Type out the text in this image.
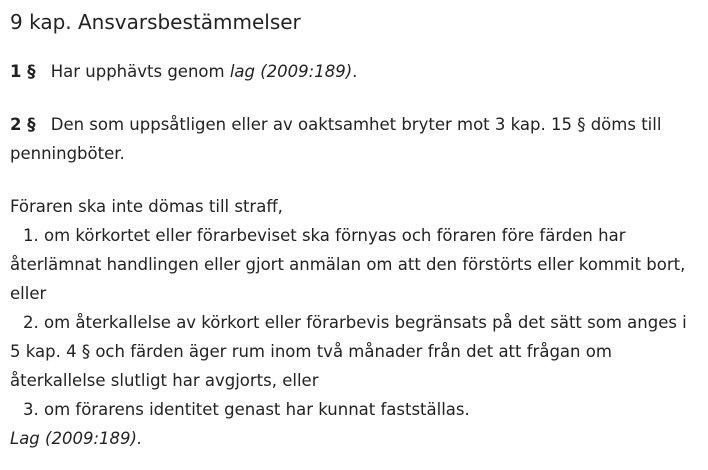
9 kap. Ansvarsbestämmelser

1 § Har upphävts genom lag (2009:189).

2 § Den som uppsåtligen eller av oaktsamhet bryter mot 3 kap. 15 § döms till penningböter.

Föraren ska inte dömas till straff,

1. om körkortet eller förarbeviset ska förnyas och föraren före färden har återlämnat handlingen eller gjort anmälan om att den förstörts eller kommit bort, eller

2. om återkallelse av körkort eller förarbevis begränsats på det sätt som anges i 5 kap. 4 § och färden äger rum inom två månader från det att frågan om återkallelse slutligt har avgjorts, eller

3. om förarens identitet genast har kunnat fastställas.

Lag (2009:189).
